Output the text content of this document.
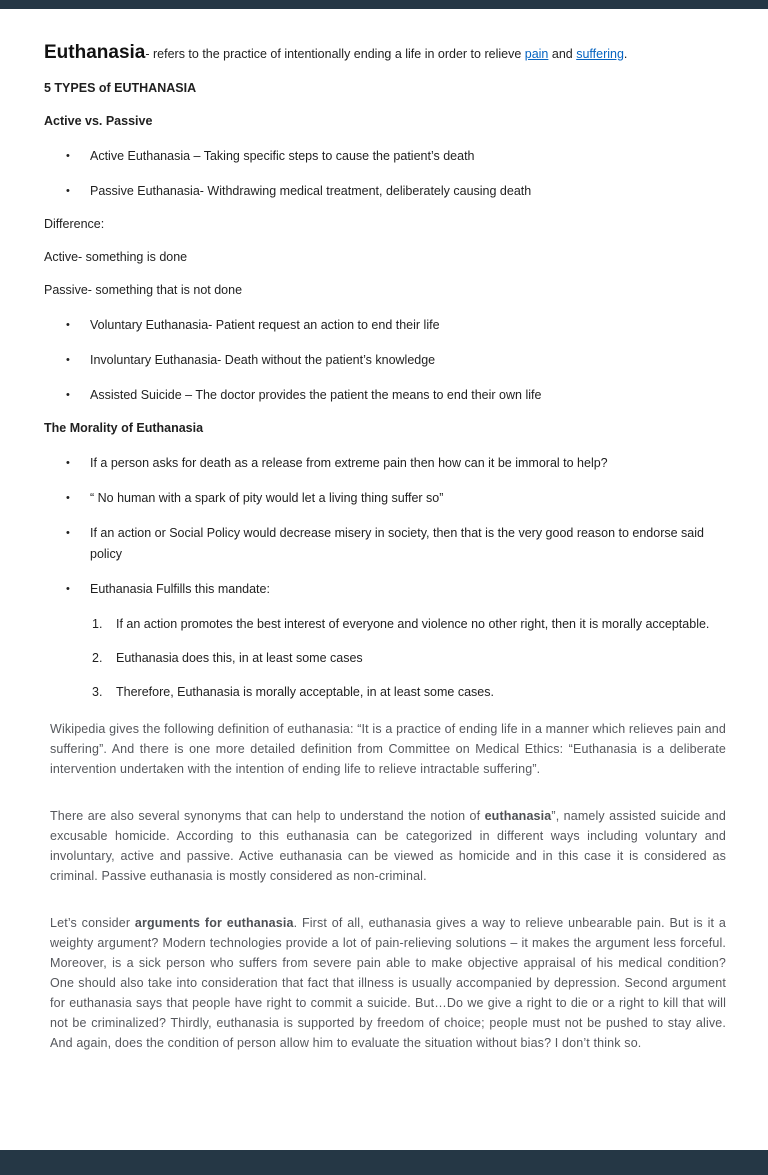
Euthanasia- refers to the practice of intentionally ending a life in order to relieve pain and suffering.

5 TYPES of EUTHANASIA

Active vs. Passive

•	Active Euthanasia – Taking specific steps to cause the patient’s death
•	Passive Euthanasia- Withdrawing medical treatment, deliberately causing death

Difference:

Active- something is done

Passive- something that is not done

•	Voluntary Euthanasia- Patient request an action to end their life
•	Involuntary Euthanasia- Death without the patient’s knowledge
•	Assisted Suicide – The doctor provides the patient the means to end their own life

The Morality of Euthanasia

•	If a person asks for death as a release from extreme pain then how can it be immoral to help?
•	“ No human with a spark of pity would let a living thing suffer so”
•	If an action or Social Policy would decrease misery in society, then that is the very good reason to endorse said policy
•	Euthanasia Fulfills this mandate:
1.	If an action promotes the best interest of everyone and violence no other right, then it is morally acceptable.
2.	Euthanasia does this, in at least some cases
3.	Therefore, Euthanasia is morally acceptable, in at least some cases.

Wikipedia gives the following definition of euthanasia: “It is a practice of ending life in a manner which relieves pain and suffering”. And there is one more detailed definition from Committee on Medical Ethics: “Euthanasia is a deliberate intervention undertaken with the intention of ending life to relieve intractable suffering”.

There are also several synonyms that can help to understand the notion of euthanasia”, namely assisted suicide and excusable homicide. According to this euthanasia can be categorized in different ways including voluntary and involuntary, active and passive. Active euthanasia can be viewed as homicide and in this case it is considered as criminal. Passive euthanasia is mostly considered as non-criminal.

Let’s consider arguments for euthanasia. First of all, euthanasia gives a way to relieve unbearable pain. But is it a weighty argument? Modern technologies provide a lot of pain-relieving solutions – it makes the argument less forceful. Moreover, is a sick person who suffers from severe pain able to make objective appraisal of his medical condition? One should also take into consideration that fact that illness is usually accompanied by depression. Second argument for euthanasia says that people have right to commit a suicide. But…Do we give a right to die or a right to kill that will not be criminalized? Thirdly, euthanasia is supported by freedom of choice; people must not be pushed to stay alive. And again, does the condition of person allow him to evaluate the situation without bias? I don’t think so.
